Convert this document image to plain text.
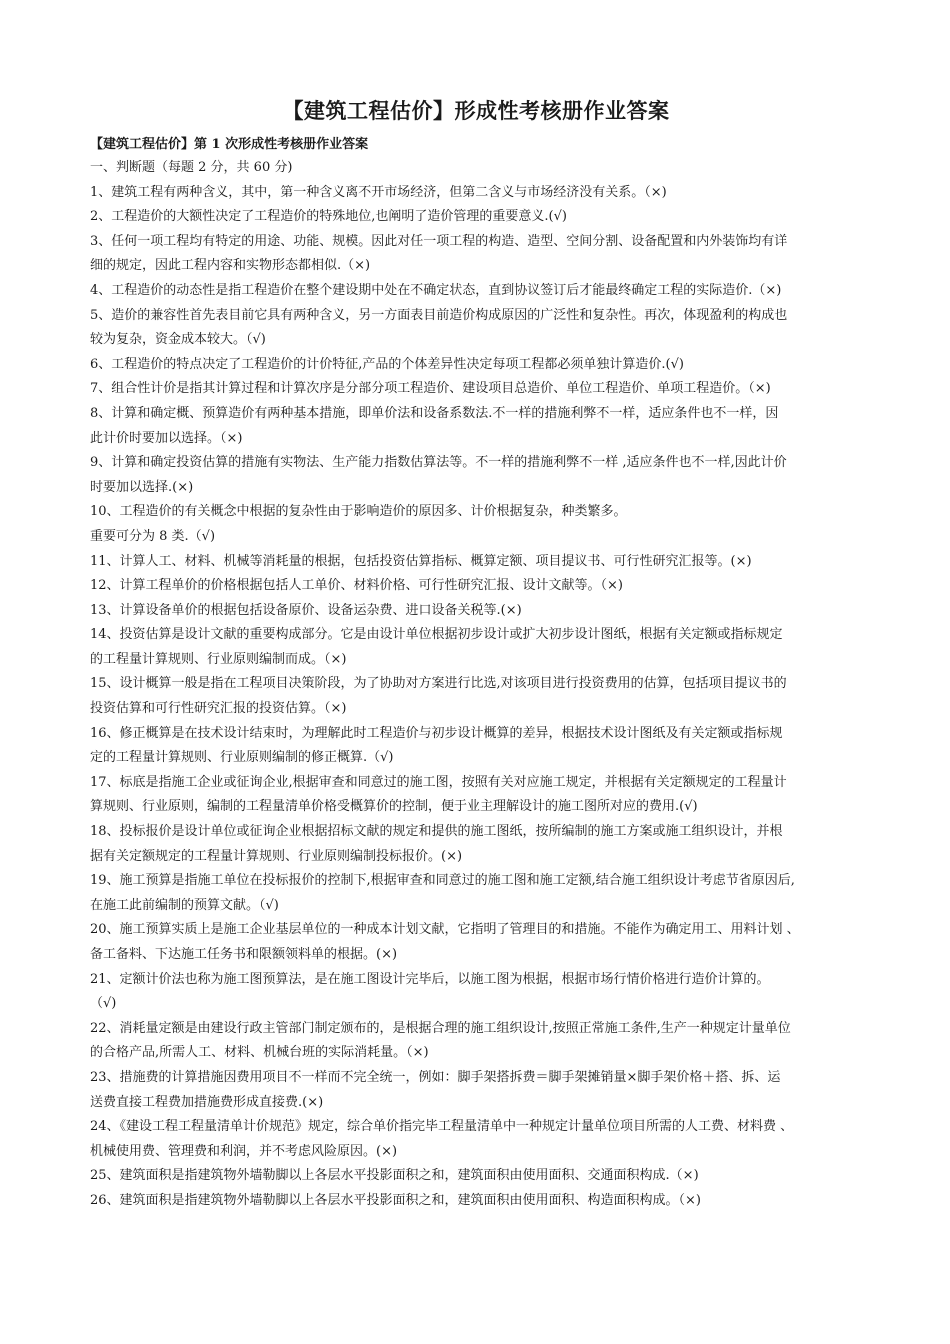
【建筑工程估价】形成性考核册作业答案

【建筑工程估价】第 1 次形成性考核册作业答案

一、判断题（每题 2 分，共 60 分)

1、建筑工程有两种含义，其中，第一种含义离不开市场经济，但第二含义与市场经济没有关系。（×)

2、工程造价的大额性决定了工程造价的特殊地位,也阐明了造价管理的重要意义.(√)

3、任何一项工程均有特定的用途、功能、规模。因此对任一项工程的构造、造型、空间分割、设备配置和内外装饰均有详

细的规定，因此工程内容和实物形态都相似.（×)

4、工程造价的动态性是指工程造价在整个建设期中处在不确定状态，直到协议签订后才能最终确定工程的实际造价.（×)

5、造价的兼容性首先表目前它具有两种含义，另一方面表目前造价构成原因的广泛性和复杂性。再次，体现盈利的构成也

较为复杂，资金成本较大。（√)

6、工程造价的特点决定了工程造价的计价特征,产品的个体差异性决定每项工程都必须单独计算造价.(√)

7、组合性计价是指其计算过程和计算次序是分部分项工程造价、建设项目总造价、单位工程造价、单项工程造价。（×)

8、计算和确定概、预算造价有两种基本措施，即单价法和设备系数法.不一样的措施利弊不一样，适应条件也不一样，因

此计价时要加以选择。（×)

9、计算和确定投资估算的措施有实物法、生产能力指数估算法等。不一样的措施利弊不一样 ,适应条件也不一样,因此计价

时要加以选择.(×)

10、工程造价的有关概念中根据的复杂性由于影响造价的原因多、计价根据复杂，种类繁多。

重要可分为 8 类.（√)

11、计算人工、材料、机械等消耗量的根据，包括投资估算指标、概算定额、项目提议书、可行性研究汇报等。(×)

12、计算工程单价的价格根据包括人工单价、材料价格、可行性研究汇报、设计文献等。（×)

13、计算设备单价的根据包括设备原价、设备运杂费、进口设备关税等.(×)

14、投资估算是设计文献的重要构成部分。它是由设计单位根据初步设计或扩大初步设计图纸，根据有关定额或指标规定

的工程量计算规则、行业原则编制而成。（×)

15、设计概算一般是指在工程项目决策阶段，为了协助对方案进行比选,对该项目进行投资费用的估算，包括项目提议书的

投资估算和可行性研究汇报的投资估算。（×)

16、修正概算是在技术设计结束时，为理解此时工程造价与初步设计概算的差异，根据技术设计图纸及有关定额或指标规

定的工程量计算规则、行业原则编制的修正概算.（√)

17、标底是指施工企业或征询企业,根据审查和同意过的施工图，按照有关对应施工规定，并根据有关定额规定的工程量计

算规则、行业原则，编制的工程量清单价格受概算价的控制，便于业主理解设计的施工图所对应的费用.(√)

18、投标报价是设计单位或征询企业根据招标文献的规定和提供的施工图纸，按所编制的施工方案或施工组织设计，并根

据有关定额规定的工程量计算规则、行业原则编制投标报价。(×)

19、施工预算是指施工单位在投标报价的控制下,根据审查和同意过的施工图和施工定额,结合施工组织设计考虑节省原因后,

在施工此前编制的预算文献。（√)

20、施工预算实质上是施工企业基层单位的一种成本计划文献，它指明了管理目的和措施。不能作为确定用工、用料计划 、

备工备料、下达施工任务书和限额领料单的根据。(×)

21、定额计价法也称为施工图预算法，是在施工图设计完毕后，以施工图为根据，根据市场行情价格进行造价计算的。

（√)

22、消耗量定额是由建设行政主管部门制定颁布的，是根据合理的施工组织设计,按照正常施工条件,生产一种规定计量单位

的合格产品,所需人工、材料、机械台班的实际消耗量。（×)

23、措施费的计算措施因费用项目不一样而不完全统一，例如：脚手架搭拆费＝脚手架摊销量×脚手架价格＋搭、拆、运

送费直接工程费加措施费形成直接费.(×)

24、《建设工程工程量清单计价规范》规定，综合单价指完毕工程量清单中一种规定计量单位项目所需的人工费、材料费 、

机械使用费、管理费和利润，并不考虑风险原因。(×)

25、建筑面积是指建筑物外墙勒脚以上各层水平投影面积之和，建筑面积由使用面积、交通面积构成.（×)

26、建筑面积是指建筑物外墙勒脚以上各层水平投影面积之和，建筑面积由使用面积、构造面积构成。（×)
